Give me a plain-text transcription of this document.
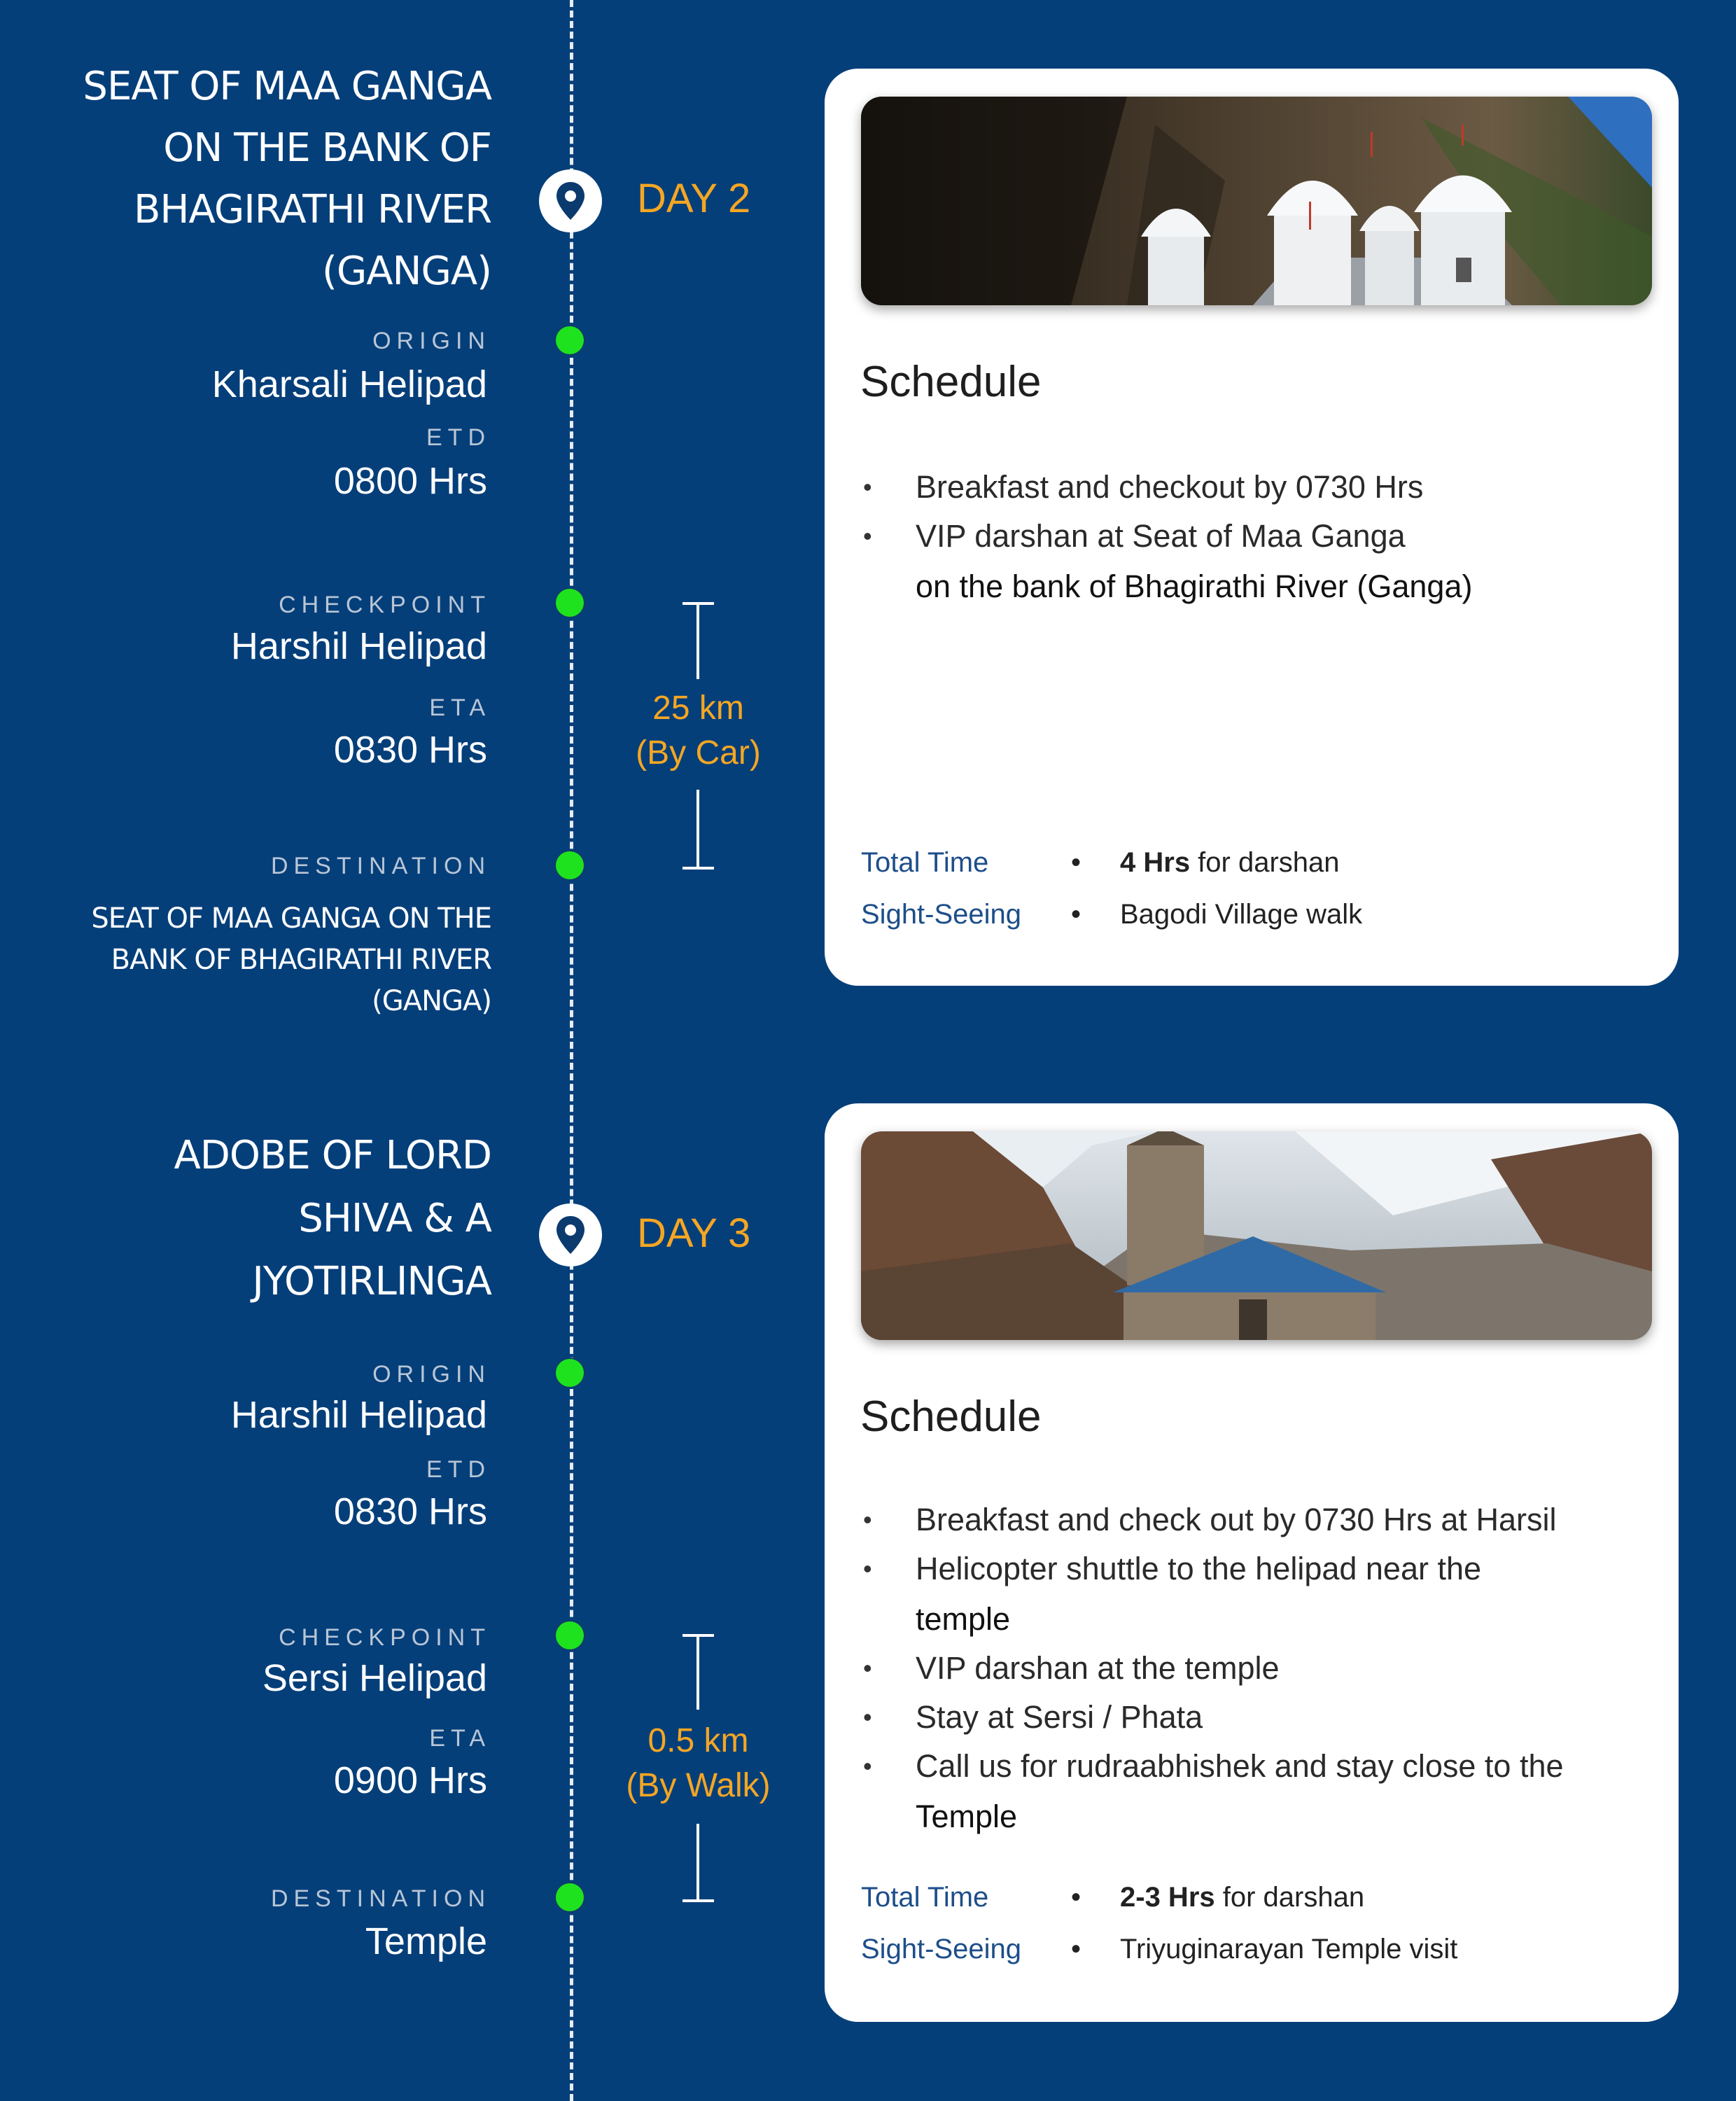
SEAT OF MAA GANGA
ON THE BANK OF
BHAGIRATHI RIVER
(GANGA)
DAY 2
ORIGIN
Kharsali Helipad
ETD
0800 Hrs
CHECKPOINT
Harshil Helipad
ETA
0830 Hrs
25 km
(By Car)
DESTINATION
SEAT OF MAA GANGA ON THE
BANK OF BHAGIRATHI RIVER
(GANGA)
Schedule
• Breakfast and checkout by 0730 Hrs
• VIP darshan at Seat of Maa Ganga
on the bank of Bhagirathi River (Ganga)
Total Time	• 4 Hrs for darshan
Sight-Seeing • Bagodi Village walk
ADOBE OF LORD
SHIVA & A
JYOTIRLINGA
DAY 3
ORIGIN
Harshil Helipad
ETD
0830 Hrs
CHECKPOINT
Sersi Helipad
ETA
0900 Hrs
0.5 km
(By Walk)
DESTINATION
Temple
Schedule
• Breakfast and check out by 0730 Hrs at Harsil
• Helicopter shuttle to the helipad near the
temple
• VIP darshan at the temple
• Stay at Sersi / Phata
• Call us for rudraabhishek and stay close to the
Temple
Total Time	• 2-3 Hrs for darshan
Sight-Seeing • Triyuginarayan Temple visit
